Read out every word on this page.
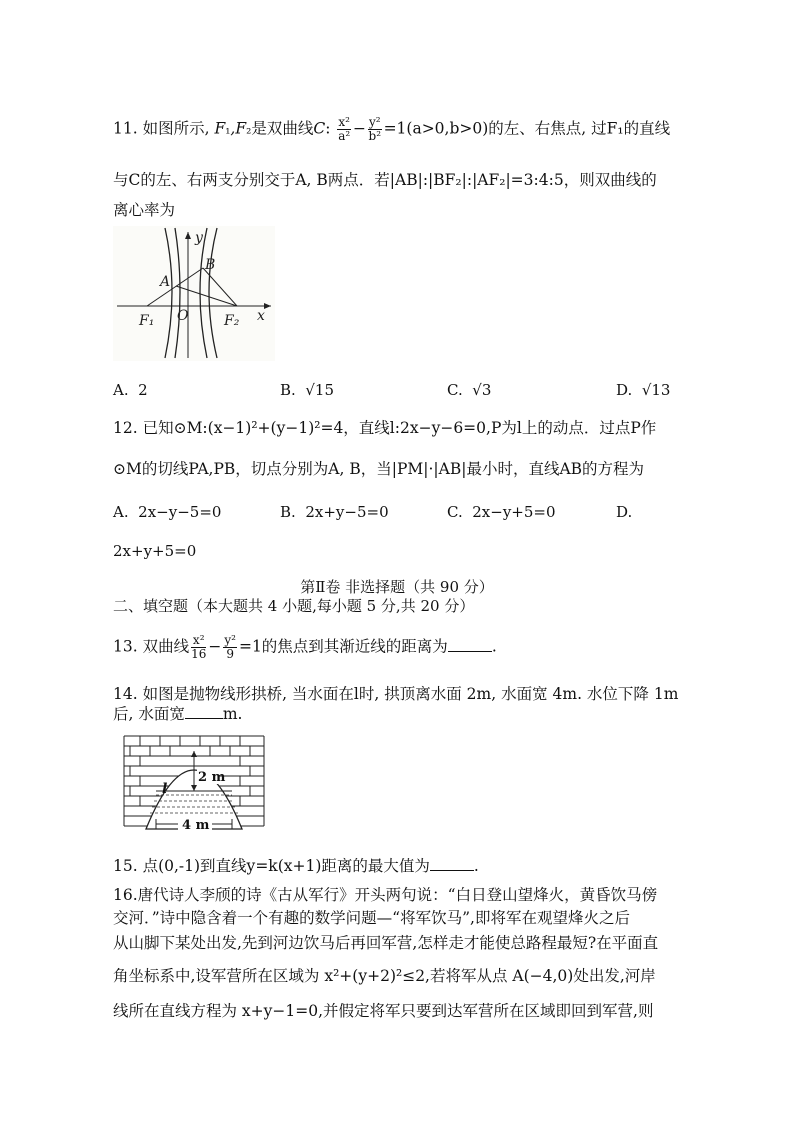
11. 如图所示, F₁,F₂是双曲线C: $\frac{\text{x²}}{\text{a²}} - \frac{\text{y²}}{\text{b²}} =1(a>0,b>0)$的左、右焦点, 过F₁的直线
与C的左、右两支分别交于A, B两点．若|AB|:|BF₂|:|AF₂|=3:4:5，则双曲线的
离心率为
y
x
A
B
O
F₁	F₂
A. 2	B. √15	C. √3	D. √13
12. 已知⊙M:(x−1)²+(y−1)²=4，直线l:2x−y−6=0,P为l上的动点．过点P作
⊙M的切线PA,PB，切点分别为A, B，当|PM|·|AB|最小时，直线AB的方程为
A. 2x−y−5=0	B. 2x+y−5=0	C. 2x−y+5=0	D.
2x+y+5=0
第Ⅱ卷 非选择题（共 90 分）
二、填空题（本大题共 4 小题,每小题 5 分,共 20 分）
13. 双曲线 $\frac{\text{x²}}{16} - \frac{\text{y²}}{9} =1$的焦点到其渐近线的距离为	.
14. 如图是抛物线形拱桥, 当水面在l时, 拱顶离水面 2m, 水面宽 4m. 水位下降 1m
后, 水面宽 m.
4 m
2 m
l
15. 点(0,-1)到直线y=k(x+1)距离的最大值为	.
16.唐代诗人李颀的诗《古从军行》开头两句说：“白日登山望烽火，黄昏饮马傍
交河．”诗中隐含着一个有趣的数学问题—“将军饮马”,即将军在观望烽火之后
从山脚下某处出发,先到河边饮马后再回军营,怎样走才能使总路程最短?在平面直
角坐标系中,设军营所在区域为 x²+(y+2)²≤2,若将军从点 A(−4,0)处出发,河岸
线所在直线方程为 x+y−1=0,并假定将军只要到达军营所在区域即回到军营,则
